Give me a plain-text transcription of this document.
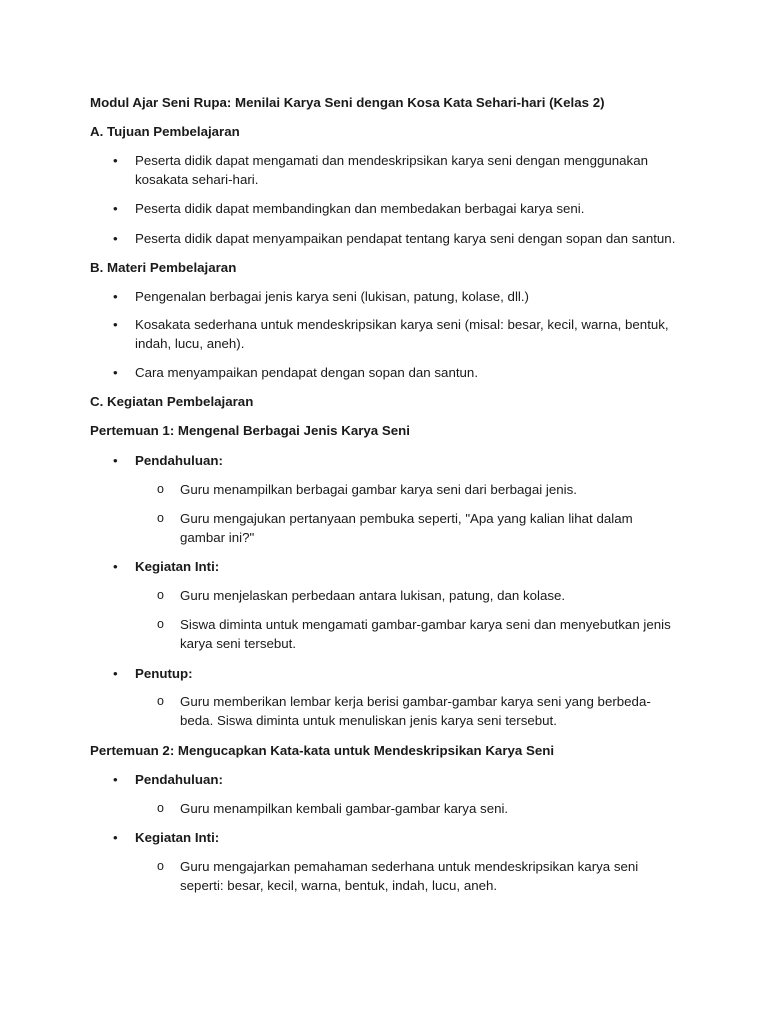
Modul Ajar Seni Rupa: Menilai Karya Seni dengan Kosa Kata Sehari-hari (Kelas 2)
A. Tujuan Pembelajaran
•	Peserta didik dapat mengamati dan mendeskripsikan karya seni dengan menggunakan kosakata sehari-hari.
•	Peserta didik dapat membandingkan dan membedakan berbagai karya seni.
•	Peserta didik dapat menyampaikan pendapat tentang karya seni dengan sopan dan santun.
B. Materi Pembelajaran
•	Pengenalan berbagai jenis karya seni (lukisan, patung, kolase, dll.)
•	Kosakata sederhana untuk mendeskripsikan karya seni (misal: besar, kecil, warna, bentuk, indah, lucu, aneh).
•	Cara menyampaikan pendapat dengan sopan dan santun.
C. Kegiatan Pembelajaran
Pertemuan 1: Mengenal Berbagai Jenis Karya Seni
•	Pendahuluan:
o	Guru menampilkan berbagai gambar karya seni dari berbagai jenis.
o	Guru mengajukan pertanyaan pembuka seperti, "Apa yang kalian lihat dalam gambar ini?"
•	Kegiatan Inti:
o	Guru menjelaskan perbedaan antara lukisan, patung, dan kolase.
o	Siswa diminta untuk mengamati gambar-gambar karya seni dan menyebutkan jenis karya seni tersebut.
•	Penutup:
o	Guru memberikan lembar kerja berisi gambar-gambar karya seni yang berbeda-beda. Siswa diminta untuk menuliskan jenis karya seni tersebut.
Pertemuan 2: Mengucapkan Kata-kata untuk Mendeskripsikan Karya Seni
•	Pendahuluan:
o	Guru menampilkan kembali gambar-gambar karya seni.
•	Kegiatan Inti:
o	Guru mengajarkan pemahaman sederhana untuk mendeskripsikan karya seni seperti: besar, kecil, warna, bentuk, indah, lucu, aneh.
